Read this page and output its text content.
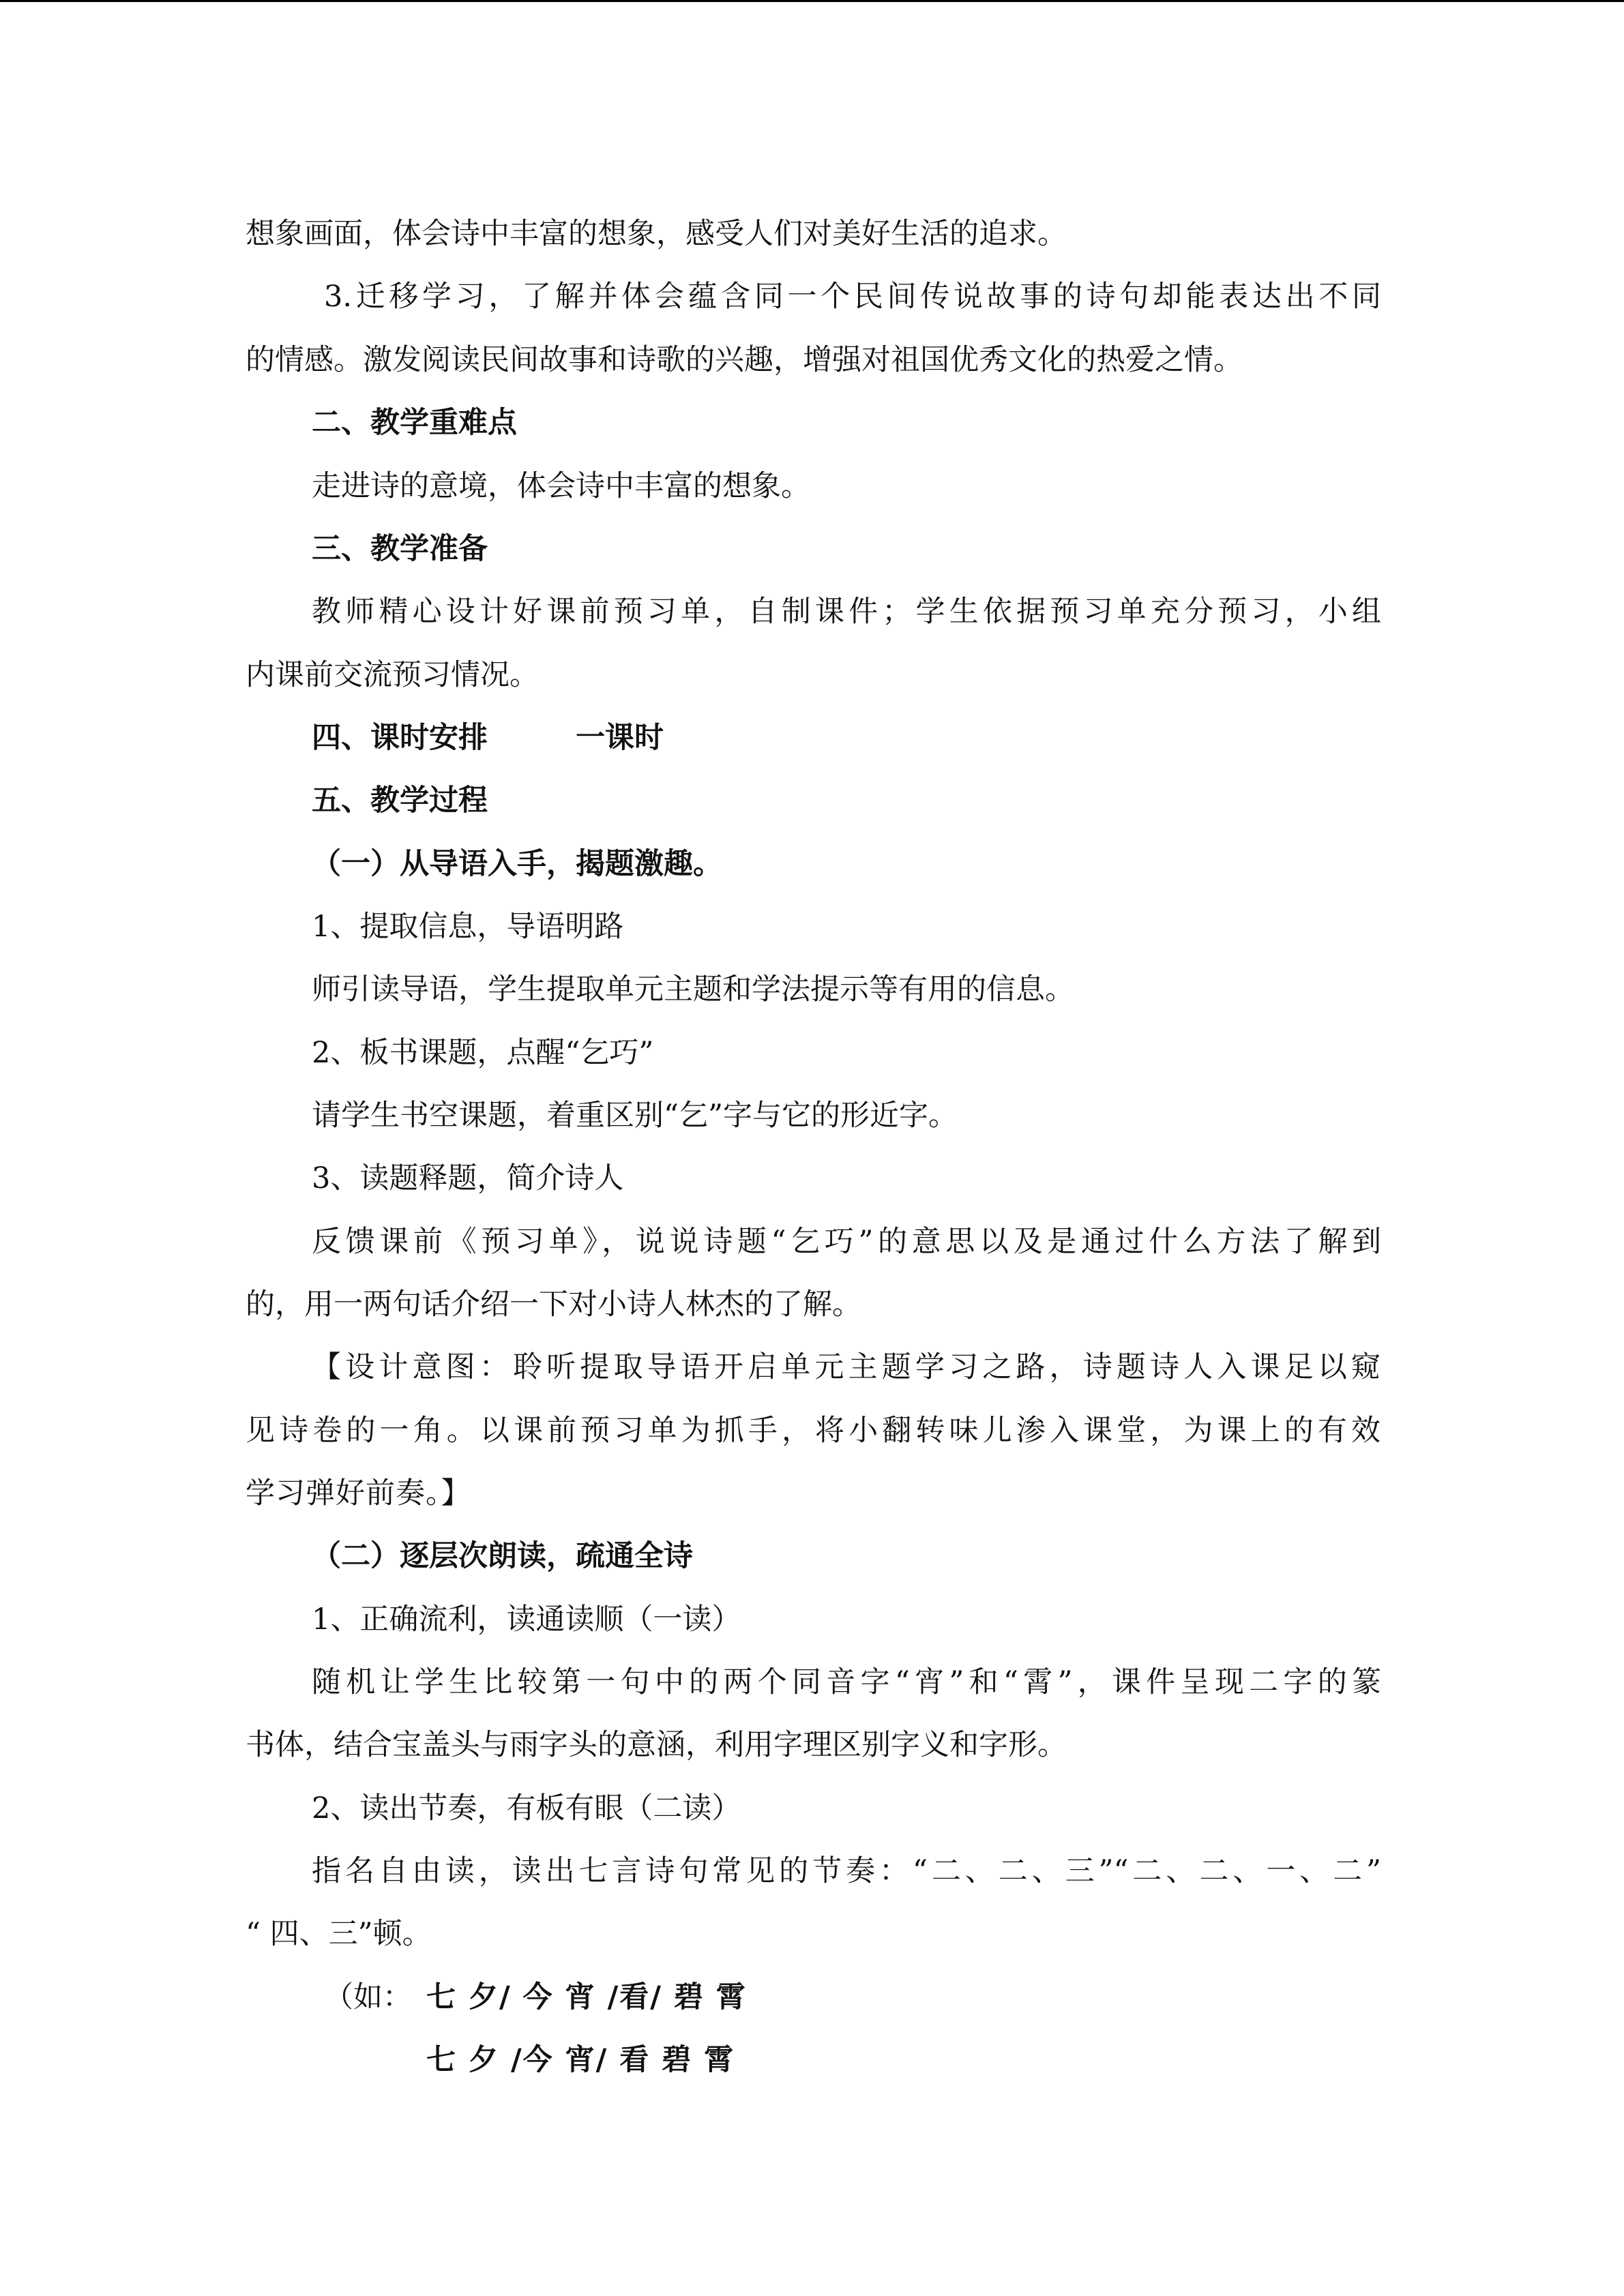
想象画面，体会诗中丰富的想象，感受人们对美好生活的追求。
3.迁移学习，了解并体会蕴含同一个民间传说故事的诗句却能表达出不同
的情感。激发阅读民间故事和诗歌的兴趣，增强对祖国优秀文化的热爱之情。
二、教学重难点
走进诗的意境，体会诗中丰富的想象。
三、教学准备
教师精心设计好课前预习单，自制课件；学生依据预习单充分预习，小组
内课前交流预习情况。
四、课时安排　　　一课时
五、教学过程
（一）从导语入手，揭题激趣。
1、提取信息，导语明路
师引读导语，学生提取单元主题和学法提示等有用的信息。
2、板书课题，点醒“乞巧”
请学生书空课题，着重区别“乞”字与它的形近字。
3、读题释题，简介诗人
反馈课前《预习单》，说说诗题“乞巧”的意思以及是通过什么方法了解到
的，用一两句话介绍一下对小诗人林杰的了解。
【设计意图：聆听提取导语开启单元主题学习之路，诗题诗人入课足以窥
见诗卷的一角。以课前预习单为抓手，将小翻转味儿渗入课堂，为课上的有效
学习弹好前奏。】
（二）逐层次朗读，疏通全诗
1、正确流利，读通读顺（一读）
随机让学生比较第一句中的两个同音字“宵”和“霄”，课件呈现二字的篆
书体，结合宝盖头与雨字头的意涵，利用字理区别字义和字形。
2、读出节奏，有板有眼（二读）
指名自由读，读出七言诗句常见的节奏：“二、二、三”“二、二、一、二”
“ 四、三”顿。
（如： 七 夕/ 今 宵 /看/ 碧 霄
七 夕 /今 宵/ 看 碧 霄
